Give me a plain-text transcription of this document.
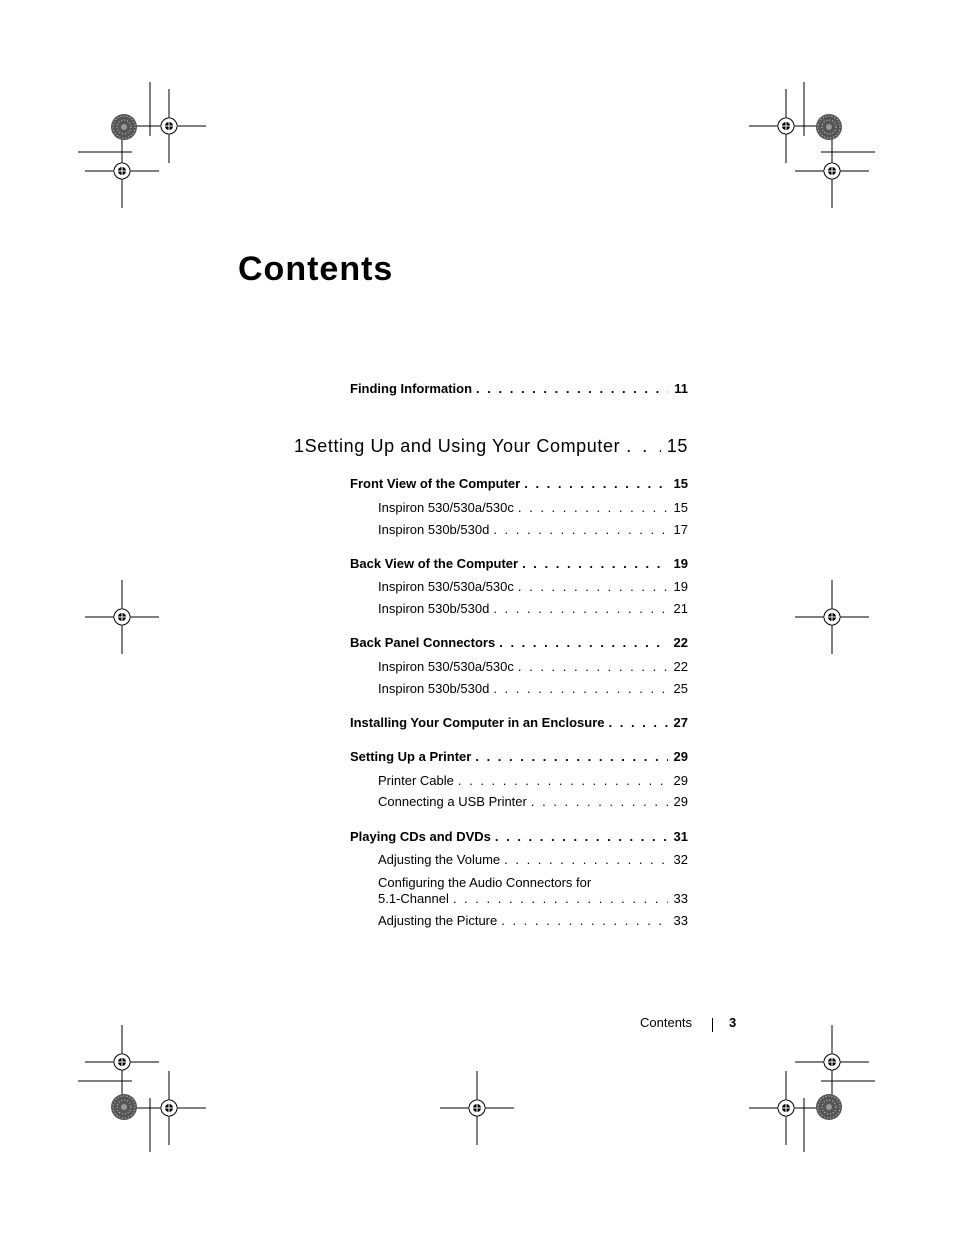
Contents
Finding Information . . .	11
1 Setting Up and Using Your Computer . . .	15
Front View of the Computer . . .	15
Inspiron 530/530a/530c . . .	15
Inspiron 530b/530d . . .	17
Back View of the Computer . . .	19
Inspiron 530/530a/530c . . .	19
Inspiron 530b/530d . . .	21
Back Panel Connectors . . .	22
Inspiron 530/530a/530c . . .	22
Inspiron 530b/530d . . .	25
Installing Your Computer in an Enclosure . . .	27
Setting Up a Printer . . .	29
Printer Cable . . .	29
Connecting a USB Printer . . .	29
Playing CDs and DVDs . . .	31
Adjusting the Volume . . .	32
Configuring the Audio Connectors for
5.1-Channel . . .	33
Adjusting the Picture . . .	33
Contents	3
